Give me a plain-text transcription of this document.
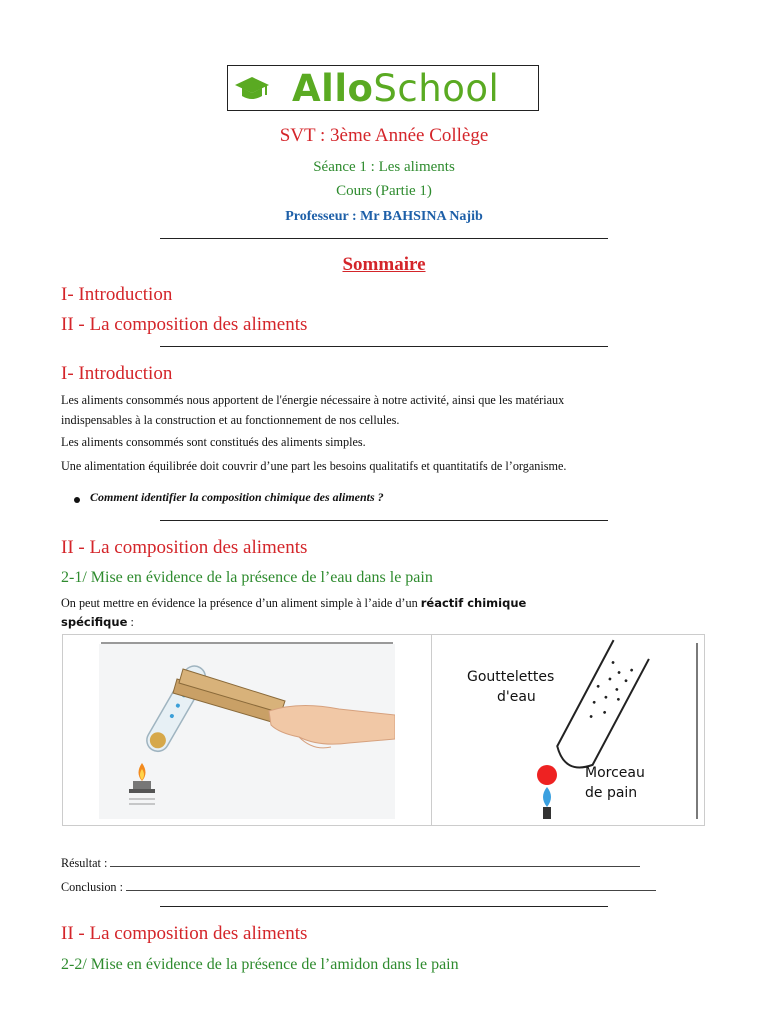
AlloSchool
SVT : 3ème Année Collège
Séance 1 : Les aliments
Cours (Partie 1)
Professeur : Mr BAHSINA Najib
Sommaire
I- Introduction
II - La composition des aliments
I- Introduction
Les aliments consommés nous apportent de l'énergie nécessaire à notre activité, ainsi que les matériaux
indispensables à la construction et au fonctionnement de nos cellules.
Les aliments consommés sont constitués des aliments simples.
Une alimentation équilibrée doit couvrir d’une part les besoins qualitatifs et quantitatifs de l’organisme.
Comment identifier la composition chimique des aliments ?
II - La composition des aliments
2-1/ Mise en évidence de la présence de l’eau dans le pain
On peut mettre en évidence la présence d’un aliment simple à l’aide d’un réactif chimique
spécifique :
Gouttelettes
d'eau
Morceau
de pain
Résultat :
Conclusion :
II - La composition des aliments
2-2/ Mise en évidence de la présence de l’amidon dans le pain
